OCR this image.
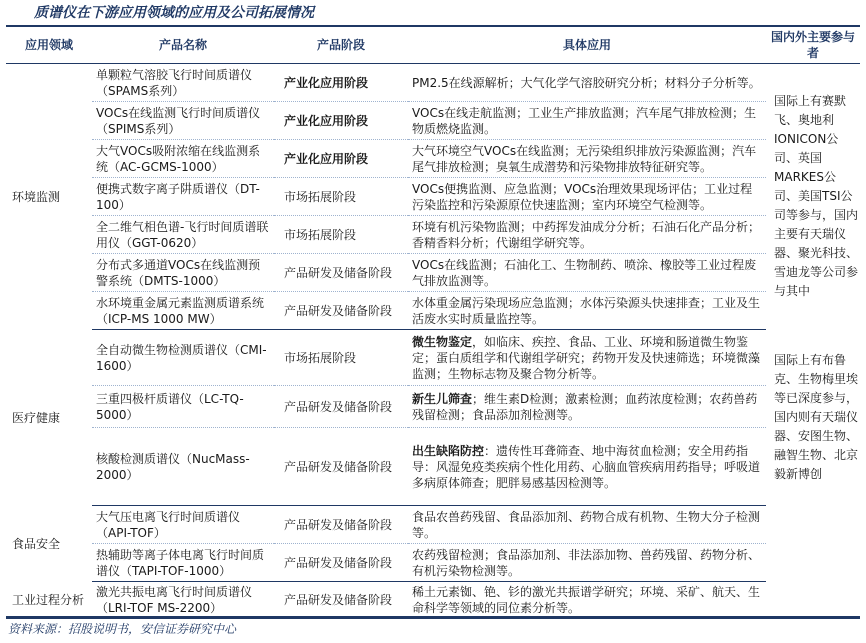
质谱仪在下游应用领域的应用及公司拓展情况
应用领域	产品名称	产品阶段	具体应用	国内外主要参与者
环境监测	单颗粒气溶胶飞行时间质谱仪（SPAMS系列）	产业化应用阶段	PM2.5在线源解析；大气化学气溶胶研究分析；材料分子分析等。	国际上有赛默飞、奥地利IONICON公司、英国MARKES公司、美国TSI公司等参与，国内主要有天瑞仪器、聚光科技、雪迪龙等公司参与其中
	VOCs在线监测飞行时间质谱仪（SPIMS系列）	产业化应用阶段	VOCs在线走航监测；工业生产排放监测；汽车尾气排放检测；生物质燃烧监测。	
	大气VOCs吸附浓缩在线监测系统（AC-GCMS-1000）	产业化应用阶段	大气环境空气VOCs在线监测；无污染组织排放污染源监测；汽车尾气排放检测；臭氧生成潜势和污染物排放特征研究等。	
	便携式数字离子阱质谱仪（DT-100）	市场拓展阶段	VOCs便携监测、应急监测；VOCs治理效果现场评估；工业过程污染监控和污染源原位快速监测；室内环境空气检测等。	
	全二维气相色谱-飞行时间质谱联用仪（GGT-0620）	市场拓展阶段	环境有机污染物监测；中药挥发油成分分析；石油石化产品分析；香精香料分析；代谢组学研究等。	
	分布式多通道VOCs在线监测预警系统（DMTS-1000）	产品研发及储备阶段	VOCs在线监测；石油化工、生物制药、喷涂、橡胶等工业过程废气排放监测等。	
	水环境重金属元素监测质谱系统（ICP-MS 1000 MW）	产品研发及储备阶段	水体重金属污染现场应急监测；水体污染源头快速排查；工业及生活废水实时质量监控等。	
医疗健康	全自动微生物检测质谱仪（CMI-1600）	市场拓展阶段	微生物鉴定，如临床、疾控、食品、工业、环境和肠道微生物鉴定；蛋白质组学和代谢组学研究；药物开发及快速筛选；环境微藻监测；生物标志物及聚合物分析等。	国际上有布鲁克、生物梅里埃等已深度参与，国内则有天瑞仪器、安图生物、融智生物、北京毅新博创
	三重四极杆质谱仪（LC-TQ-5000）	产品研发及储备阶段	新生儿筛查；维生素D检测；激素检测；血药浓度检测；农药兽药残留检测；食品添加剂检测等。	
	核酸检测质谱仪（NucMass-2000）	产品研发及储备阶段	出生缺陷防控：遗传性耳聋筛查、地中海贫血检测；安全用药指导：风湿免疫类疾病个性化用药、心脑血管疾病用药指导；呼吸道多病原体筛查；肥胖易感基因检测等。	
食品安全	大气压电离飞行时间质谱仪（API-TOF）	产品研发及储备阶段	食品农兽药残留、食品添加剂、药物合成有机物、生物大分子检测等。	
	热辅助等离子体电离飞行时间质谱仪（TAPI-TOF-1000）	产品研发及储备阶段	农药残留检测；食品添加剂、非法添加物、兽药残留、药物分析、有机污染物检测等。	
工业过程分析	激光共振电离飞行时间质谱仪（LRI-TOF MS-2200）	产品研发及储备阶段	稀土元素铷、铯、钐的激光共振谱学研究；环境、采矿、航天、生命科学等领域的同位素分析等。	
资料来源：招股说明书，安信证券研究中心
